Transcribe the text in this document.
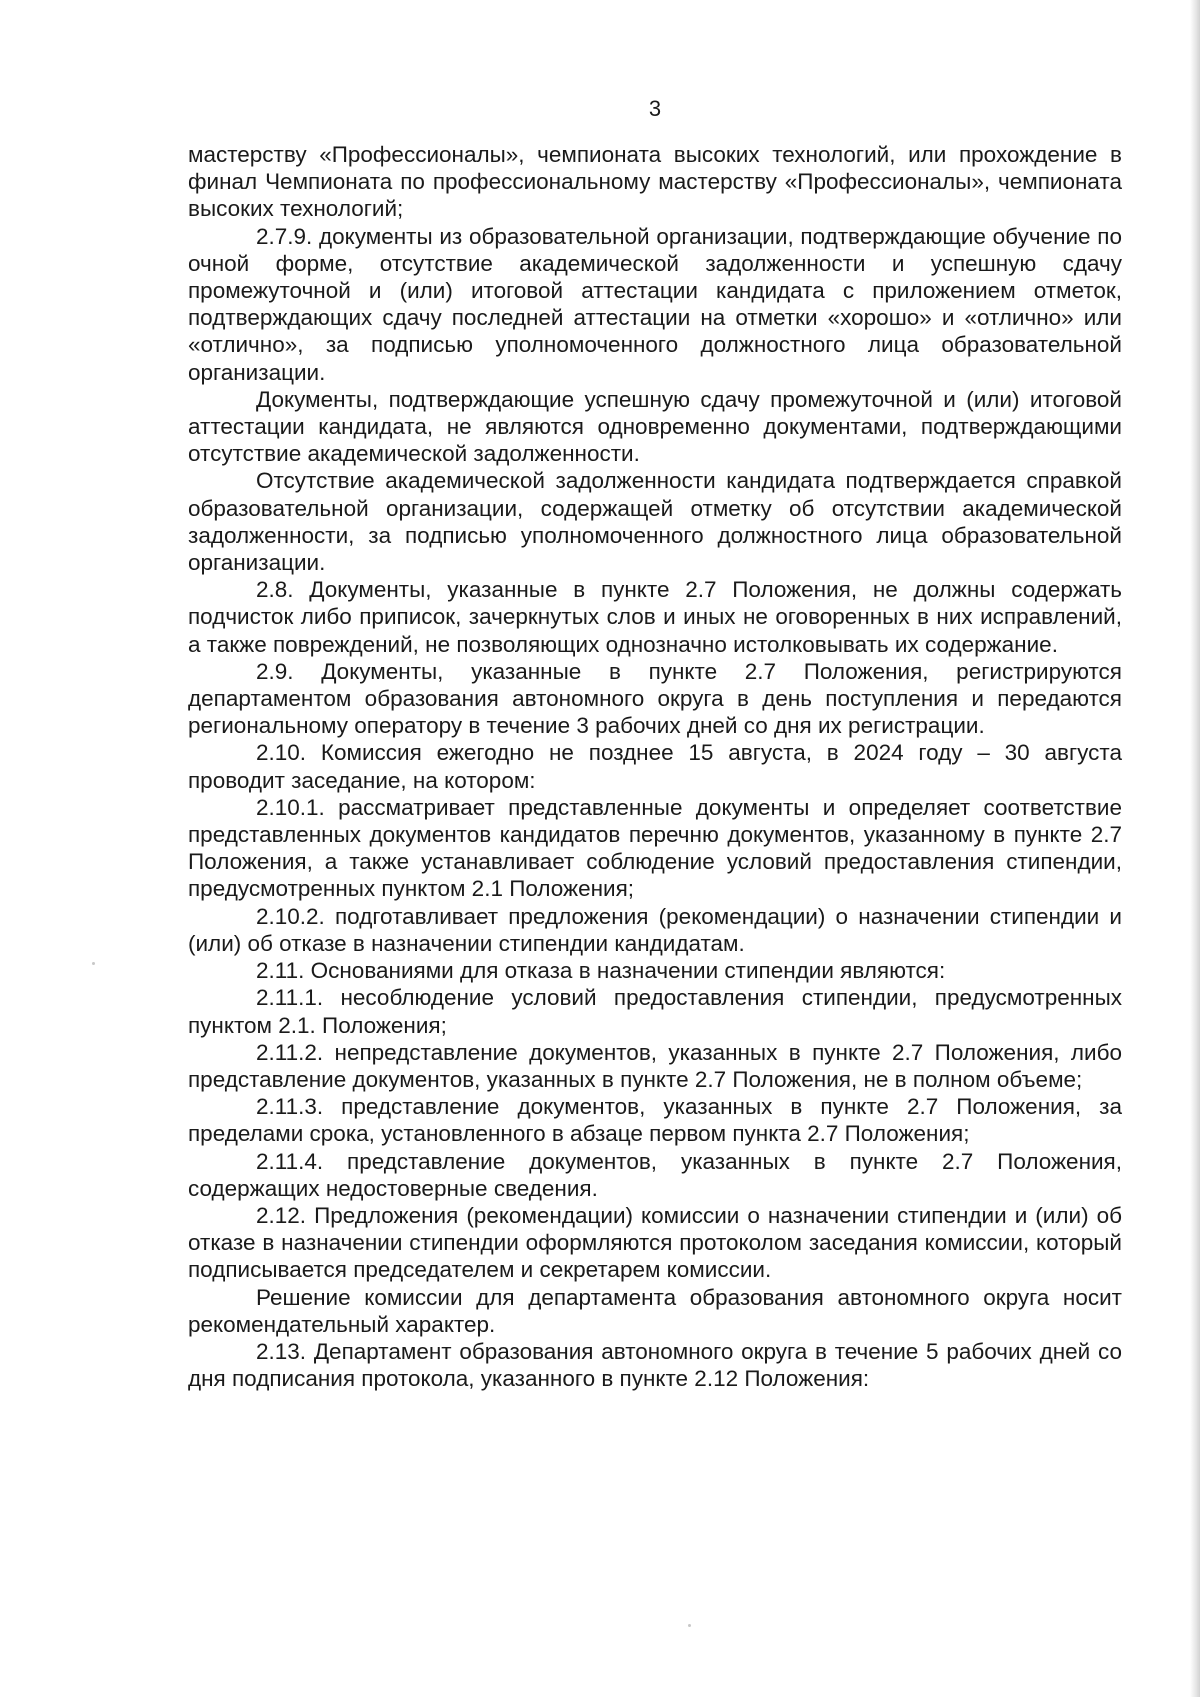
3

мастерству «Профессионалы», чемпионата высоких технологий, или прохождение в финал Чемпионата по профессиональному мастерству «Профессионалы», чемпионата высоких технологий;

2.7.9. документы из образовательной организации, подтверждающие обучение по очной форме, отсутствие академической задолженности и успешную сдачу промежуточной и (или) итоговой аттестации кандидата с приложением отметок, подтверждающих сдачу последней аттестации на отметки «хорошо» и «отлично» или «отлично», за подписью уполномоченного должностного лица образовательной организации.

Документы, подтверждающие успешную сдачу промежуточной и (или) итоговой аттестации кандидата, не являются одновременно документами, подтверждающими отсутствие академической задолженности.

Отсутствие академической задолженности кандидата подтверждается справкой образовательной организации, содержащей отметку об отсутствии академической задолженности, за подписью уполномоченного должностного лица образовательной организации.

2.8. Документы, указанные в пункте 2.7 Положения, не должны содержать подчисток либо приписок, зачеркнутых слов и иных не оговоренных в них исправлений, а также повреждений, не позволяющих однозначно истолковывать их содержание.

2.9. Документы, указанные в пункте 2.7 Положения, регистрируются департаментом образования автономного округа в день поступления и передаются региональному оператору в течение 3 рабочих дней со дня их регистрации.

2.10. Комиссия ежегодно не позднее 15 августа, в 2024 году – 30 августа проводит заседание, на котором:

2.10.1. рассматривает представленные документы и определяет соответствие представленных документов кандидатов перечню документов, указанному в пункте 2.7 Положения, а также устанавливает соблюдение условий предоставления стипендии, предусмотренных пунктом 2.1 Положения;

2.10.2. подготавливает предложения (рекомендации) о назначении стипендии и (или) об отказе в назначении стипендии кандидатам.

2.11. Основаниями для отказа в назначении стипендии являются:

2.11.1. несоблюдение условий предоставления стипендии, предусмотренных пунктом 2.1. Положения;

2.11.2. непредставление документов, указанных в пункте 2.7 Положения, либо представление документов, указанных в пункте 2.7 Положения, не в полном объеме;

2.11.3. представление документов, указанных в пункте 2.7 Положения, за пределами срока, установленного в абзаце первом пункта 2.7 Положения;

2.11.4. представление документов, указанных в пункте 2.7 Положения, содержащих недостоверные сведения.

2.12. Предложения (рекомендации) комиссии о назначении стипендии и (или) об отказе в назначении стипендии оформляются протоколом заседания комиссии, который подписывается председателем и секретарем комиссии.

Решение комиссии для департамента образования автономного округа носит рекомендательный характер.

2.13. Департамент образования автономного округа в течение 5 рабочих дней со дня подписания протокола, указанного в пункте 2.12 Положения:
